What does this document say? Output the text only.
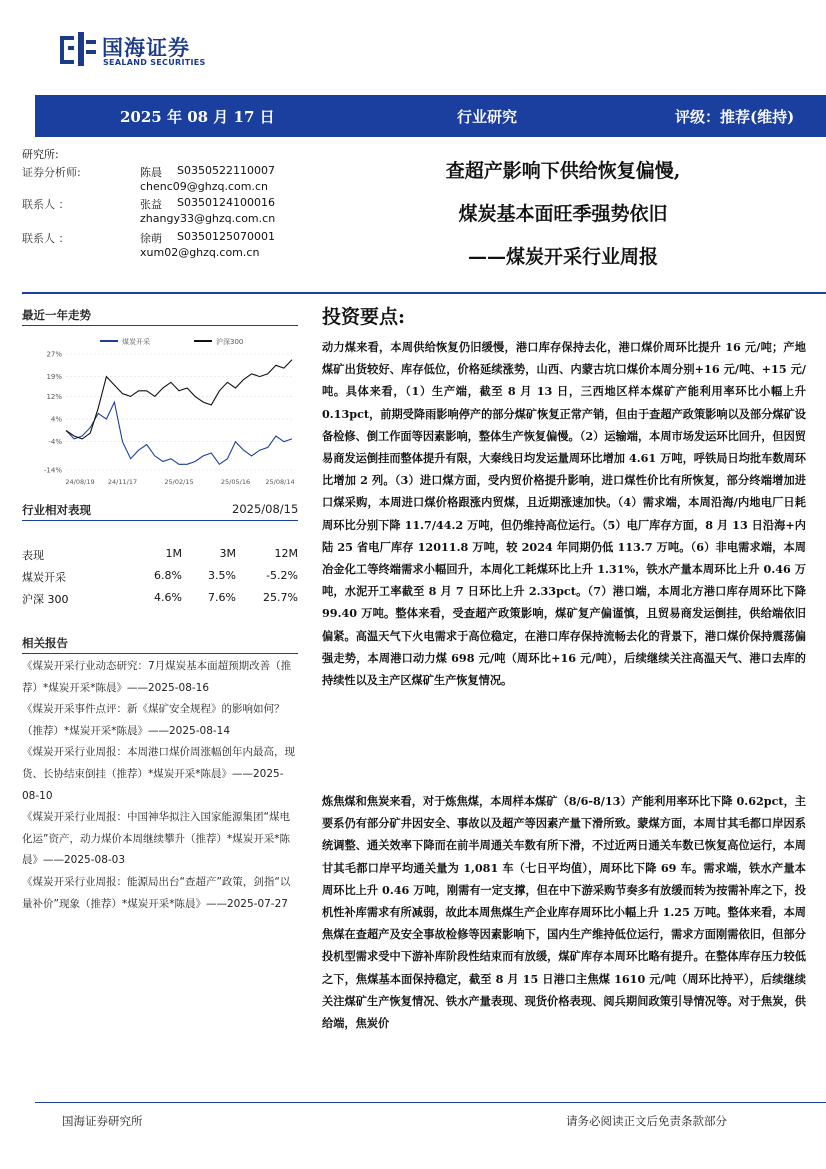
国海证券
SEALAND SECURITIES
2025 年 08 月 17 日	行业研究	评级：推荐(维持)
研究所:
证券分析师:	陈晨 S0350522110007
chenc09@ghzq.com.cn
联系人 ：	张益 S0350124100016
zhangy33@ghzq.com.cn
联系人 ：	徐萌 S0350125070001
xum02@ghzq.com.cn
查超产影响下供给恢复偏慢,
煤炭基本面旺季强势依旧
——煤炭开采行业周报
最近一年走势
煤炭开采	沪深300
27%
19%
12%
4%
-4%
-14%
24/08/19 24/11/17	25/02/15	25/05/16 25/08/14
行业相对表现	2025/08/15
表现	1M	3M	12M
煤炭开采	6.8% 3.5%	-5.2%
沪深 300	4.6% 7.6% 25.7%
相关报告
《煤炭开采行业动态研究：7月煤炭基本面超预期改善（推荐）*煤炭开采*陈晨》——2025-08-16
《煤炭开采事件点评：新《煤矿安全规程》的影响如何？（推荐）*煤炭开采*陈晨》——2025-08-14
《煤炭开采行业周报：本周港口煤价周涨幅创年内最高，现货、长协结束倒挂（推荐）*煤炭开采*陈晨》——2025-08-10
《煤炭开采行业周报：中国神华拟注入国家能源集团“煤电化运”资产，动力煤价本周继续攀升（推荐）*煤炭开采*陈晨》——2025-08-03
《煤炭开采行业周报：能源局出台“查超产”政策，剑指“以量补价”现象（推荐）*煤炭开采*陈晨》——2025-07-27
投资要点:
动力煤来看，本周供给恢复仍旧缓慢，港口库存保持去化，港口煤价周环比提升 16 元/吨；产地煤矿出货较好、库存低位，价格延续涨势，山西、内蒙古坑口煤价本周分别+16 元/吨、+15 元/吨。具体来看，（1）生产端，截至 8 月 13 日，三西地区样本煤矿产能利用率环比小幅上升 0.13pct，前期受降雨影响停产的部分煤矿恢复正常产销，但由于查超产政策影响以及部分煤矿设备检修、倒工作面等因素影响，整体生产恢复偏慢。（2）运输端，本周市场发运环比回升，但因贸易商发运倒挂而整体提升有限，大秦线日均发运量周环比增加 4.61 万吨，呼铁局日均批车数周环比增加 2 列。（3）进口煤方面，受内贸价格提升影响，进口煤性价比有所恢复，部分终端增加进口煤采购，本周进口煤价格跟涨内贸煤，且近期涨速加快。（4）需求端，本周沿海/内地电厂日耗周环比分别下降 11.7/44.2 万吨，但仍维持高位运行。（5）电厂库存方面，8 月 13 日沿海+内陆 25 省电厂库存 12011.8 万吨，较 2024 年同期仍低 113.7 万吨。（6）非电需求端，本周冶金化工等终端需求小幅回升，本周化工耗煤环比上升 1.31%，铁水产量本周环比上升 0.46 万吨，水泥开工率截至 8 月 7 日环比上升 2.33pct。（7）港口端，本周北方港口库存周环比下降 99.40 万吨。整体来看，受查超产政策影响，煤矿复产偏谨慎，且贸易商发运倒挂，供给端依旧偏紧。高温天气下火电需求于高位稳定，在港口库存保持流畅去化的背景下，港口煤价保持震荡偏强走势，本周港口动力煤 698 元/吨（周环比+16 元/吨），后续继续关注高温天气、港口去库的持续性以及主产区煤矿生产恢复情况。
炼焦煤和焦炭来看，对于炼焦煤，本周样本煤矿（8/6-8/13）产能利用率环比下降 0.62pct，主要系仍有部分矿井因安全、事故以及超产等因素产量下滑所致。蒙煤方面，本周甘其毛都口岸因系统调整、通关效率下降而在前半周通关车数有所下滑，不过近两日通关车数已恢复高位运行，本周甘其毛都口岸平均通关量为 1,081 车（七日平均值），周环比下降 69 车。需求端，铁水产量本周环比上升 0.46 万吨，刚需有一定支撑，但在中下游采购节奏多有放缓而转为按需补库之下，投机性补库需求有所减弱，故此本周焦煤生产企业库存周环比小幅上升 1.25 万吨。整体来看，本周焦煤在查超产及安全事故检修等因素影响下，国内生产维持低位运行，需求方面刚需依旧，但部分投机型需求受中下游补库阶段性结束而有放缓，煤矿库存本周环比略有提升。在整体库存压力较低之下，焦煤基本面保持稳定，截至 8 月 15 日港口主焦煤 1610 元/吨（周环比持平），后续继续关注煤矿生产恢复情况、铁水产量表现、现货价格表现、阅兵期间政策引导情况等。对于焦炭，供给端，焦炭价
国海证券研究所	请务必阅读正文后免责条款部分
